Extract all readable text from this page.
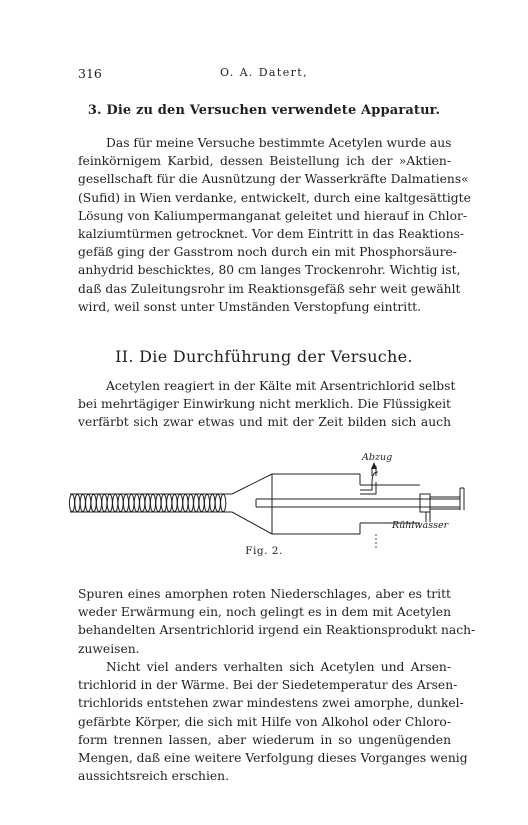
316	O. A. Datert,
3. Die zu den Versuchen verwendete Apparatur.
Das für meine Versuche bestimmte Acetylen wurde aus
feinkörnigem Karbid, dessen Beistellung ich der »Aktien-
gesellschaft für die Ausnützung der Wasserkräfte Dalmatiens«
(Sufid) in Wien verdanke, entwickelt, durch eine kaltgesättigte
Lösung von Kaliumpermanganat geleitet und hierauf in Chlor-
kalziumtürmen getrocknet. Vor dem Eintritt in das Reaktions-
gefäß ging der Gasstrom noch durch ein mit Phosphorsäure-
anhydrid beschicktes, 80 cm langes Trockenrohr. Wichtig ist,
daß das Zuleitungsrohr im Reaktionsgefäß sehr weit gewählt
wird, weil sonst unter Umständen Verstopfung eintritt.
II. Die Durchführung der Versuche.
Acetylen reagiert in der Kälte mit Arsentrichlorid selbst
bei mehrtägiger Einwirkung nicht merklich. Die Flüssigkeit
verfärbt sich zwar etwas und mit der Zeit bilden sich auch
Abzug
Rühlwasser
Fig. 2.
Spuren eines amorphen roten Niederschlages, aber es tritt
weder Erwärmung ein, noch gelingt es in dem mit Acetylen
behandelten Arsentrichlorid irgend ein Reaktionsprodukt nach-
zuweisen.
Nicht viel anders verhalten sich Acetylen und Arsen-
trichlorid in der Wärme. Bei der Siedetemperatur des Arsen-
trichlorids entstehen zwar mindestens zwei amorphe, dunkel-
gefärbte Körper, die sich mit Hilfe von Alkohol oder Chloro-
form trennen lassen, aber wiederum in so ungenügenden
Mengen, daß eine weitere Verfolgung dieses Vorganges wenig
aussichtsreich erschien.
